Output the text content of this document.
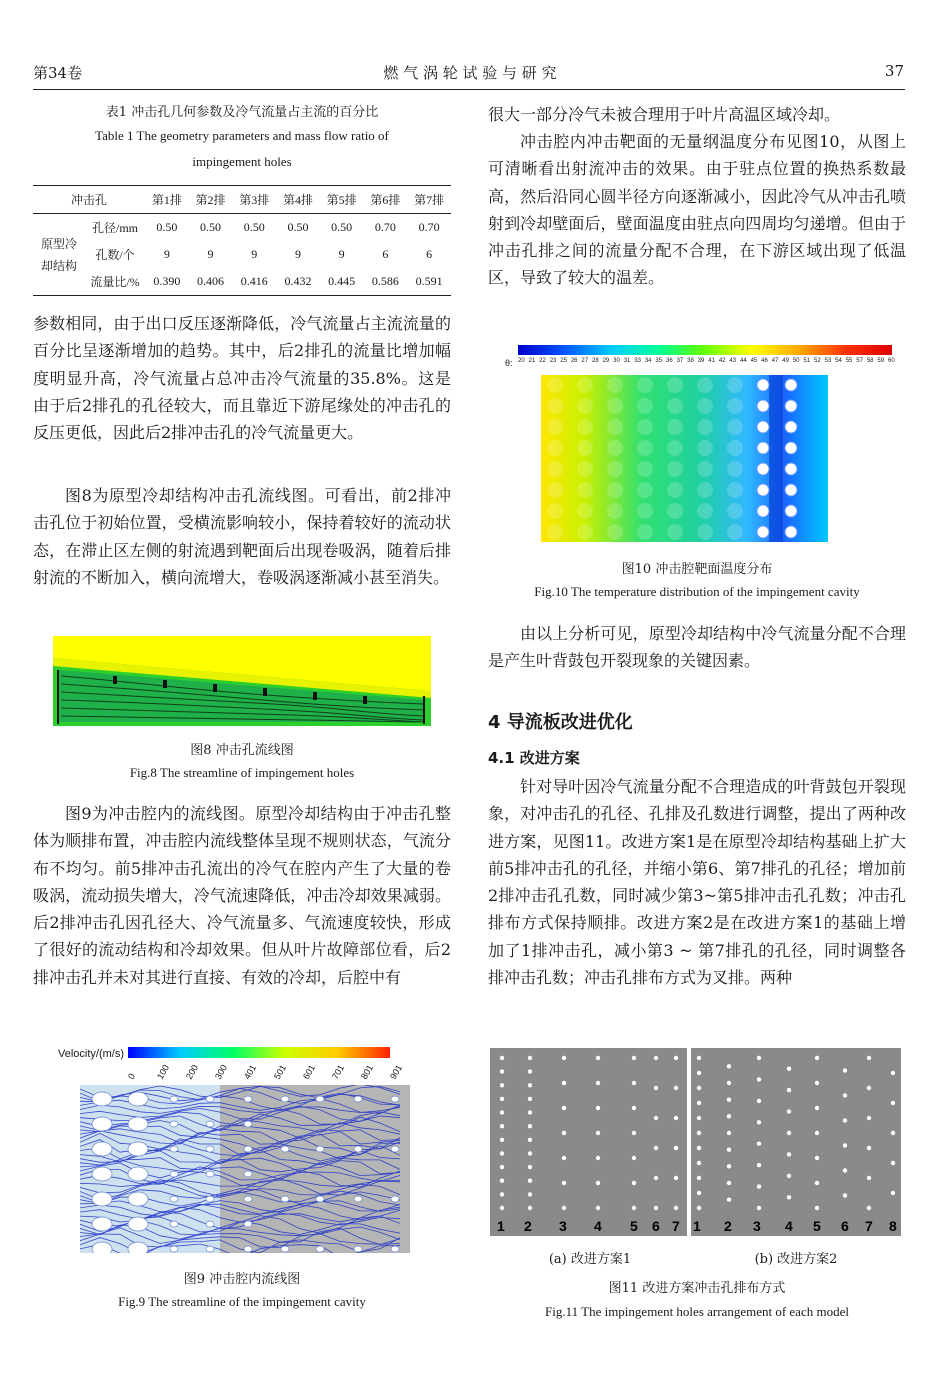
第34卷	燃 气 涡 轮 试 验 与 研 究	37
表1 冲击孔几何参数及冷气流量占主流的百分比
Table 1 The geometry parameters and mass flow ratio of
impingement holes
冲击孔		第1排	第2排	第3排	第4排	第5排	第6排	第7排
原型冷
却结构	孔径/mm	0.50	0.50	0.50	0.50	0.50	0.70	0.70
	孔数/个	9	9	9	9	9	6	6
	流量比/%	0.390	0.406	0.416	0.432	0.445	0.586	0.591

参数相同，由于出口反压逐渐降低，冷气流量占主流流量的百分比呈逐渐增加的趋势。其中，后2排孔的流量比增加幅度明显升高，冷气流量占总冲击冷气流量的35.8%。这是由于后2排孔的孔径较大，而且靠近下游尾缘处的冲击孔的反压更低，因此后2排冲击孔的冷气流量更大。

图8为原型冷却结构冲击孔流线图。可看出，前2排冲击孔位于初始位置，受横流影响较小，保持着较好的流动状态，在滞止区左侧的射流遇到靶面后出现卷吸涡，随着后排射流的不断加入，横向流增大，卷吸涡逐渐减小甚至消失。

图8 冲击孔流线图
Fig.8 The streamline of impingement holes

图9为冲击腔内的流线图。原型冷却结构由于冲击孔整体为顺排布置，冲击腔内流线整体呈现不规则状态，气流分布不均匀。前5排冲击孔流出的冷气在腔内产生了大量的卷吸涡，流动损失增大，冷气流速降低，冲击冷却效果减弱。后2排冲击孔因孔径大、冷气流量多、气流速度较快，形成了很好的流动结构和冷却效果。但从叶片故障部位看，后2排冲击孔并未对其进行直接、有效的冷却，后腔中有

Velocity/(m/s)
0 100 200 300 401 501 601 701 801 901
图9 冲击腔内流线图
Fig.9 The streamline of the impingement cavity

很大一部分冷气未被合理用于叶片高温区域冷却。

冲击腔内冲击靶面的无量纲温度分布见图10，从图上可清晰看出射流冲击的效果。由于驻点位置的换热系数最高，然后沿同心圆半径方向逐渐减小，因此冷气从冲击孔喷射到冷却壁面后，壁面温度由驻点向四周均匀递增。但由于冲击孔排之间的流量分配不合理，在下游区域出现了低温区，导致了较大的温差。

θ: 20 21 22 23 25 26 27 28 29 30 31 33 34 35 36 37 38 39 41 42 43 44 45 46 47 49 50 51 52 53 54 55 57 58 59 60
图10 冲击腔靶面温度分布
Fig.10 The temperature distribution of the impingement cavity

由以上分析可见，原型冷却结构中冷气流量分配不合理是产生叶背鼓包开裂现象的关键因素。

4 导流板改进优化
4.1 改进方案

针对导叶因冷气流量分配不合理造成的叶背鼓包开裂现象，对冲击孔的孔径、孔排及孔数进行调整，提出了两种改进方案，见图11。改进方案1是在原型冷却结构基础上扩大前5排冲击孔的孔径，并缩小第6、第7排孔的孔径；增加前2排冲击孔孔数，同时减少第3~第5排冲击孔孔数；冲击孔排布方式保持顺排。改进方案2是在改进方案1的基础上增加了1排冲击孔，减小第3 ~ 第7排孔的孔径，同时调整各排冲击孔数；冲击孔排布方式为叉排。两种

1 2 3 4 5 6 7 1 2 3 4 5 6 7 8
(a) 改进方案1	(b) 改进方案2
图11 改进方案冲击孔排布方式
Fig.11 The impingement holes arrangement of each model
